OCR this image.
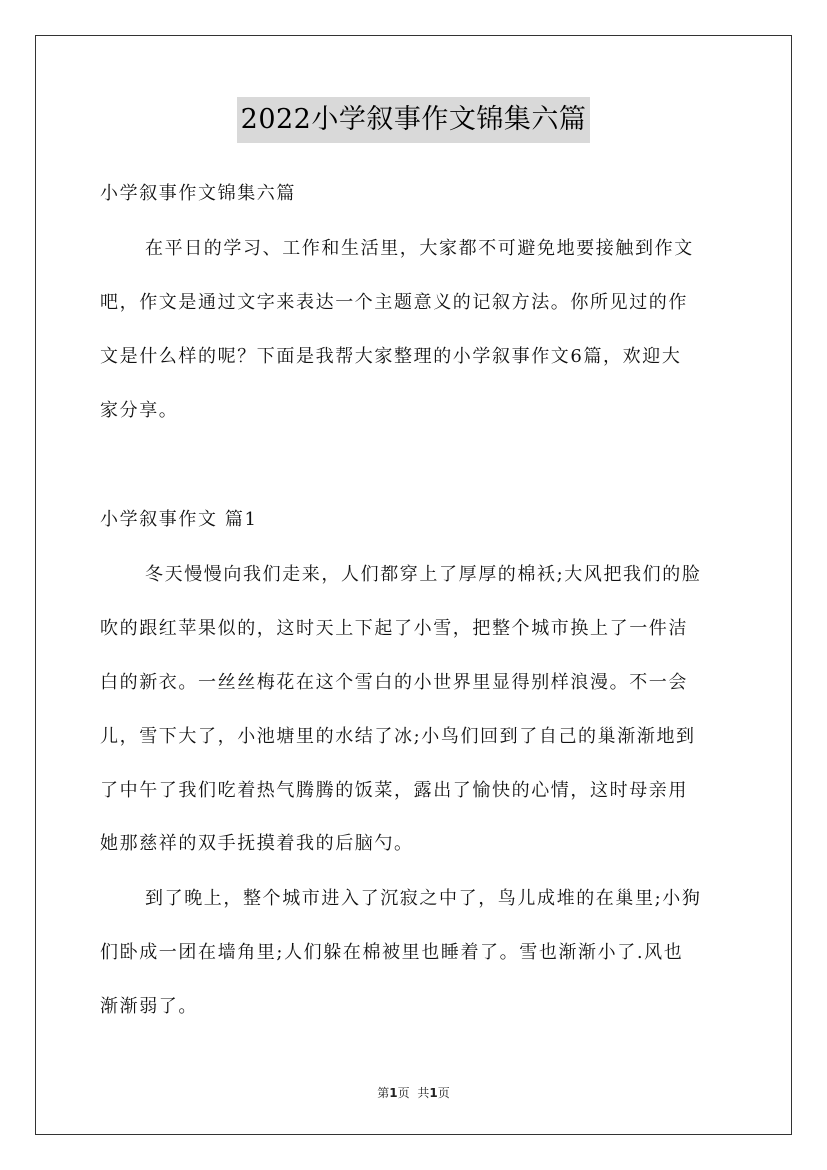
2022小学叙事作文锦集六篇
小学叙事作文锦集六篇
在平日的学习、工作和生活里，大家都不可避免地要接触到作文
吧，作文是通过文字来表达一个主题意义的记叙方法。你所见过的作
文是什么样的呢？下面是我帮大家整理的小学叙事作文6篇，欢迎大
家分享。
小学叙事作文 篇1
冬天慢慢向我们走来，人们都穿上了厚厚的棉袄;大风把我们的脸
吹的跟红苹果似的，这时天上下起了小雪，把整个城市换上了一件洁
白的新衣。一丝丝梅花在这个雪白的小世界里显得别样浪漫。不一会
儿，雪下大了，小池塘里的水结了冰;小鸟们回到了自己的巢渐渐地到
了中午了我们吃着热气腾腾的饭菜，露出了愉快的心情，这时母亲用
她那慈祥的双手抚摸着我的后脑勺。
到了晚上，整个城市进入了沉寂之中了，鸟儿成堆的在巢里;小狗
们卧成一团在墙角里;人们躲在棉被里也睡着了。雪也渐渐小了.风也
渐渐弱了。
第1页 共1页
